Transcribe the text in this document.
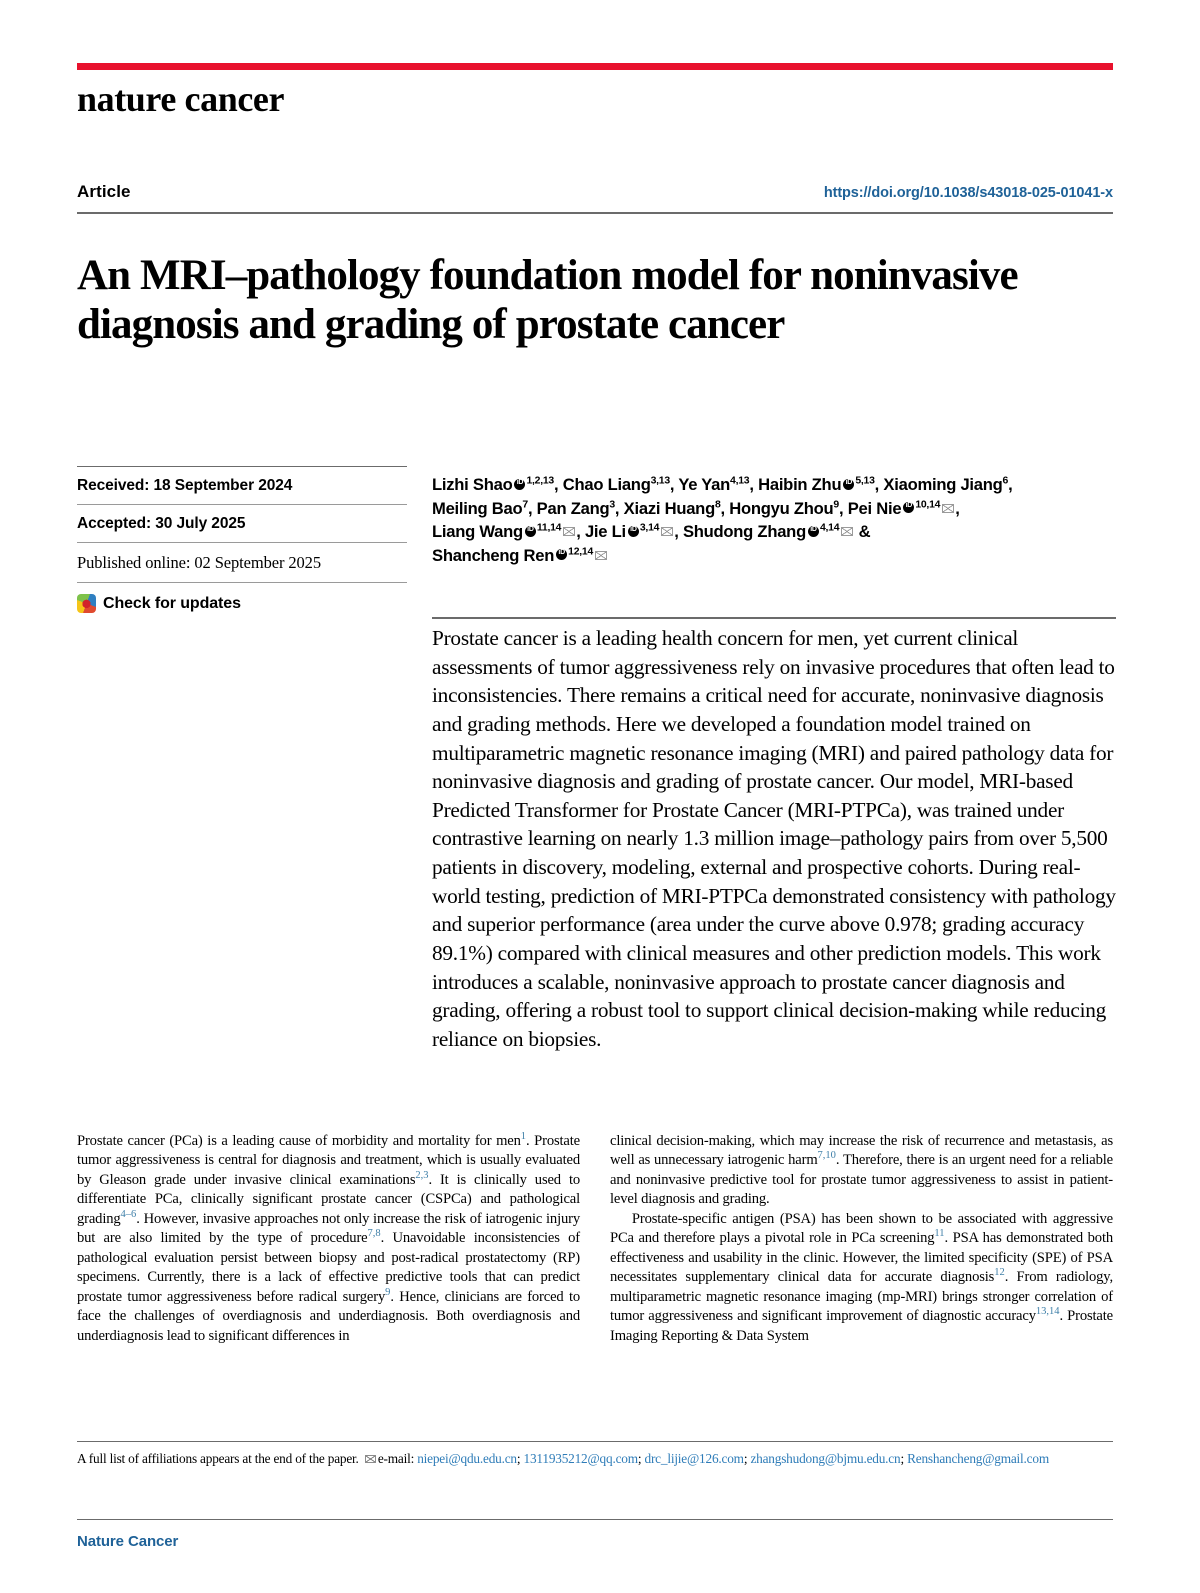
nature cancer
Article	https://doi.org/10.1038/s43018-025-01041-x
An MRI–pathology foundation model for noninvasive diagnosis and grading of prostate cancer
Received: 18 September 2024
Accepted: 30 July 2025
Published online: 02 September 2025
Check for updates
Lizhi Shao iD $^{1,2,13}$, Chao Liang$^{3,13}$, Ye Yan$^{4,13}$, Haibin Zhu iD $^{5,13}$, Xiaoming Jiang$^6$,
Meiling Bao$^7$, Pan Zang$^3$, Xiazi Huang$^8$, Hongyu Zhou$^9$, Pei Nie iD $^{10,14}$ ,
Liang Wang iD $^{11,14}$ , Jie Li iD $^{3,14}$ , Shudong Zhang iD $^{4,14}$ &
Shancheng Ren iD $^{12,14}$
Prostate cancer is a leading health concern for men, yet current clinical assessments of tumor aggressiveness rely on invasive procedures that often lead to inconsistencies. There remains a critical need for accurate, noninvasive diagnosis and grading methods. Here we developed a foundation model trained on multiparametric magnetic resonance imaging (MRI) and paired pathology data for noninvasive diagnosis and grading of prostate cancer. Our model, MRI-based Predicted Transformer for Prostate Cancer (MRI-PTPCa), was trained under contrastive learning on nearly 1.3 million image–pathology pairs from over 5,500 patients in discovery, modeling, external and prospective cohorts. During real-world testing, prediction of MRI-PTPCa demonstrated consistency with pathology and superior performance (area under the curve above 0.978; grading accuracy 89.1%) compared with clinical measures and other prediction models. This work introduces a scalable, noninvasive approach to prostate cancer diagnosis and grading, offering a robust tool to support clinical decision-making while reducing reliance on biopsies.

Prostate cancer (PCa) is a leading cause of morbidity and mortality for men$^1$. Prostate tumor aggressiveness is central for diagnosis and treatment, which is usually evaluated by Gleason grade under invasive clinical examinations$^{2,3}$. It is clinically used to differentiate PCa, clinically significant prostate cancer (CSPCa) and pathological grading$^{4-6}$. However, invasive approaches not only increase the risk of iatrogenic injury but are also limited by the type of procedure$^{7,8}$. Unavoidable inconsistencies of pathological evaluation persist between biopsy and post-radical prostatectomy (RP) specimens. Currently, there is a lack of effective predictive tools that can predict prostate tumor aggressiveness before radical surgery$^9$. Hence, clinicians are forced to face the challenges of overdiagnosis and underdiagnosis. Both overdiagnosis and underdiagnosis lead to significant differences in

clinical decision-making, which may increase the risk of recurrence and metastasis, as well as unnecessary iatrogenic harm$^{7,10}$. Therefore, there is an urgent need for a reliable and noninvasive predictive tool for prostate tumor aggressiveness to assist in patient-level diagnosis and grading.

Prostate-specific antigen (PSA) has been shown to be associated with aggressive PCa and therefore plays a pivotal role in PCa screening$^{11}$. PSA has demonstrated both effectiveness and usability in the clinic. However, the limited specificity (SPE) of PSA necessitates supplementary clinical data for accurate diagnosis$^{12}$. From radiology, multiparametric magnetic resonance imaging (mp-MRI) brings stronger correlation of tumor aggressiveness and significant improvement of diagnostic accuracy$^{13,14}$. Prostate Imaging Reporting & Data System

A full list of affiliations appears at the end of the paper. e-mail: niepei@qdu.edu.cn; 1311935212@qq.com; drc_lijie@126.com; zhangshudong@bjmu.edu.cn; Renshancheng@gmail.com
Nature Cancer
